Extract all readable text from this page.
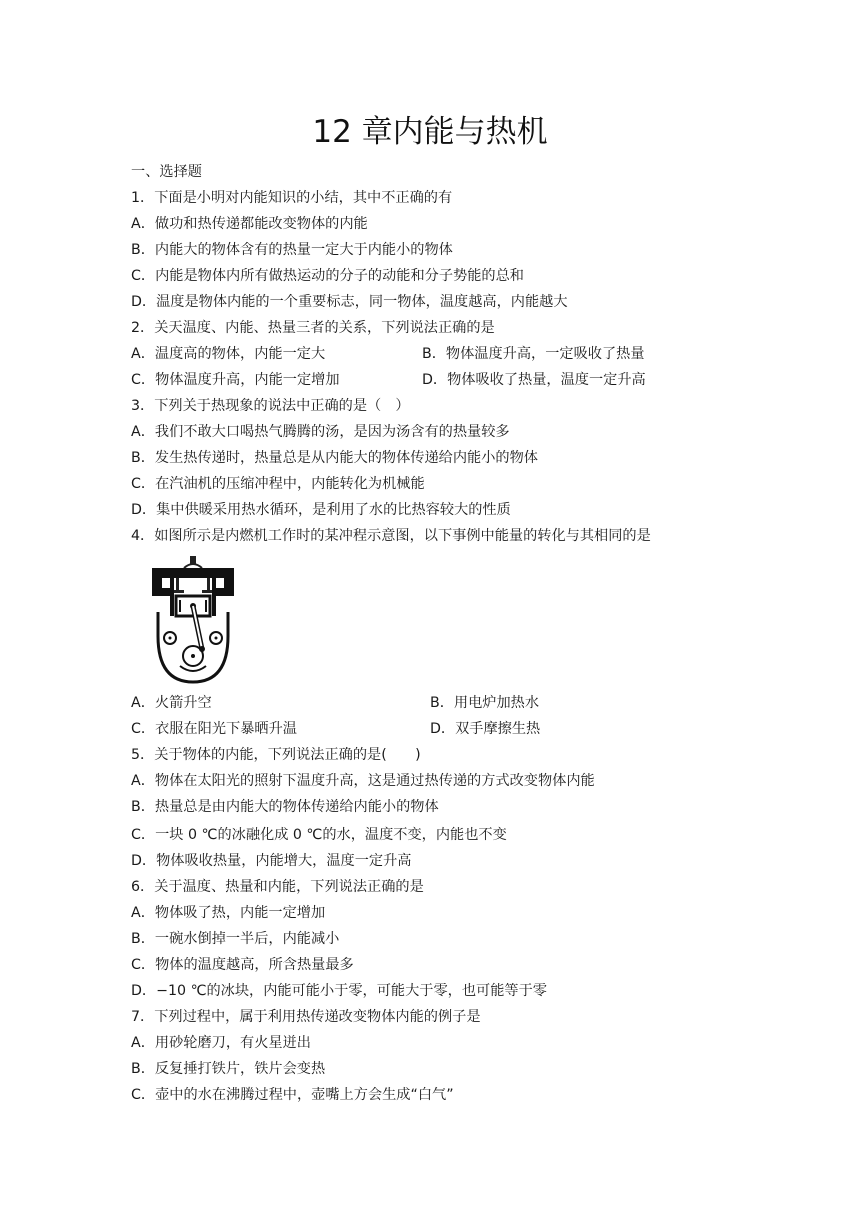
12 章内能与热机
一、选择题
1．下面是小明对内能知识的小结，其中不正确的有
A．做功和热传递都能改变物体的内能
B．内能大的物体含有的热量一定大于内能小的物体
C．内能是物体内所有做热运动的分子的动能和分子势能的总和
D．温度是物体内能的一个重要标志，同一物体，温度越高，内能越大
2．关天温度、内能、热量三者的关系，下列说法正确的是
A．温度高的物体，内能一定大	B．物体温度升高，一定吸收了热量
C．物体温度升高，内能一定增加	D．物体吸收了热量，温度一定升高
3．下列关于热现象的说法中正确的是（　）
A．我们不敢大口喝热气腾腾的汤，是因为汤含有的热量较多
B．发生热传递时，热量总是从内能大的物体传递给内能小的物体
C．在汽油机的压缩冲程中，内能转化为机械能
D．集中供暖采用热水循环，是利用了水的比热容较大的性质
4．如图所示是内燃机工作时的某冲程示意图，以下事例中能量的转化与其相同的是
A．火箭升空	B．用电炉加热水
C．衣服在阳光下暴晒升温	D．双手摩擦生热
5．关于物体的内能，下列说法正确的是(　　)
A．物体在太阳光的照射下温度升高，这是通过热传递的方式改变物体内能
B．热量总是由内能大的物体传递给内能小的物体
C．一块 0 ℃的冰融化成 0 ℃的水，温度不变，内能也不变
D．物体吸收热量，内能增大，温度一定升高
6．关于温度、热量和内能，下列说法正确的是
A．物体吸了热，内能一定增加
B．一碗水倒掉一半后，内能减小
C．物体的温度越高，所含热量最多
D．−10 ℃的冰块，内能可能小于零，可能大于零，也可能等于零
7．下列过程中，属于利用热传递改变物体内能的例子是
A．用砂轮磨刀，有火星迸出
B．反复捶打铁片，铁片会变热
C．壶中的水在沸腾过程中，壶嘴上方会生成“白气”
